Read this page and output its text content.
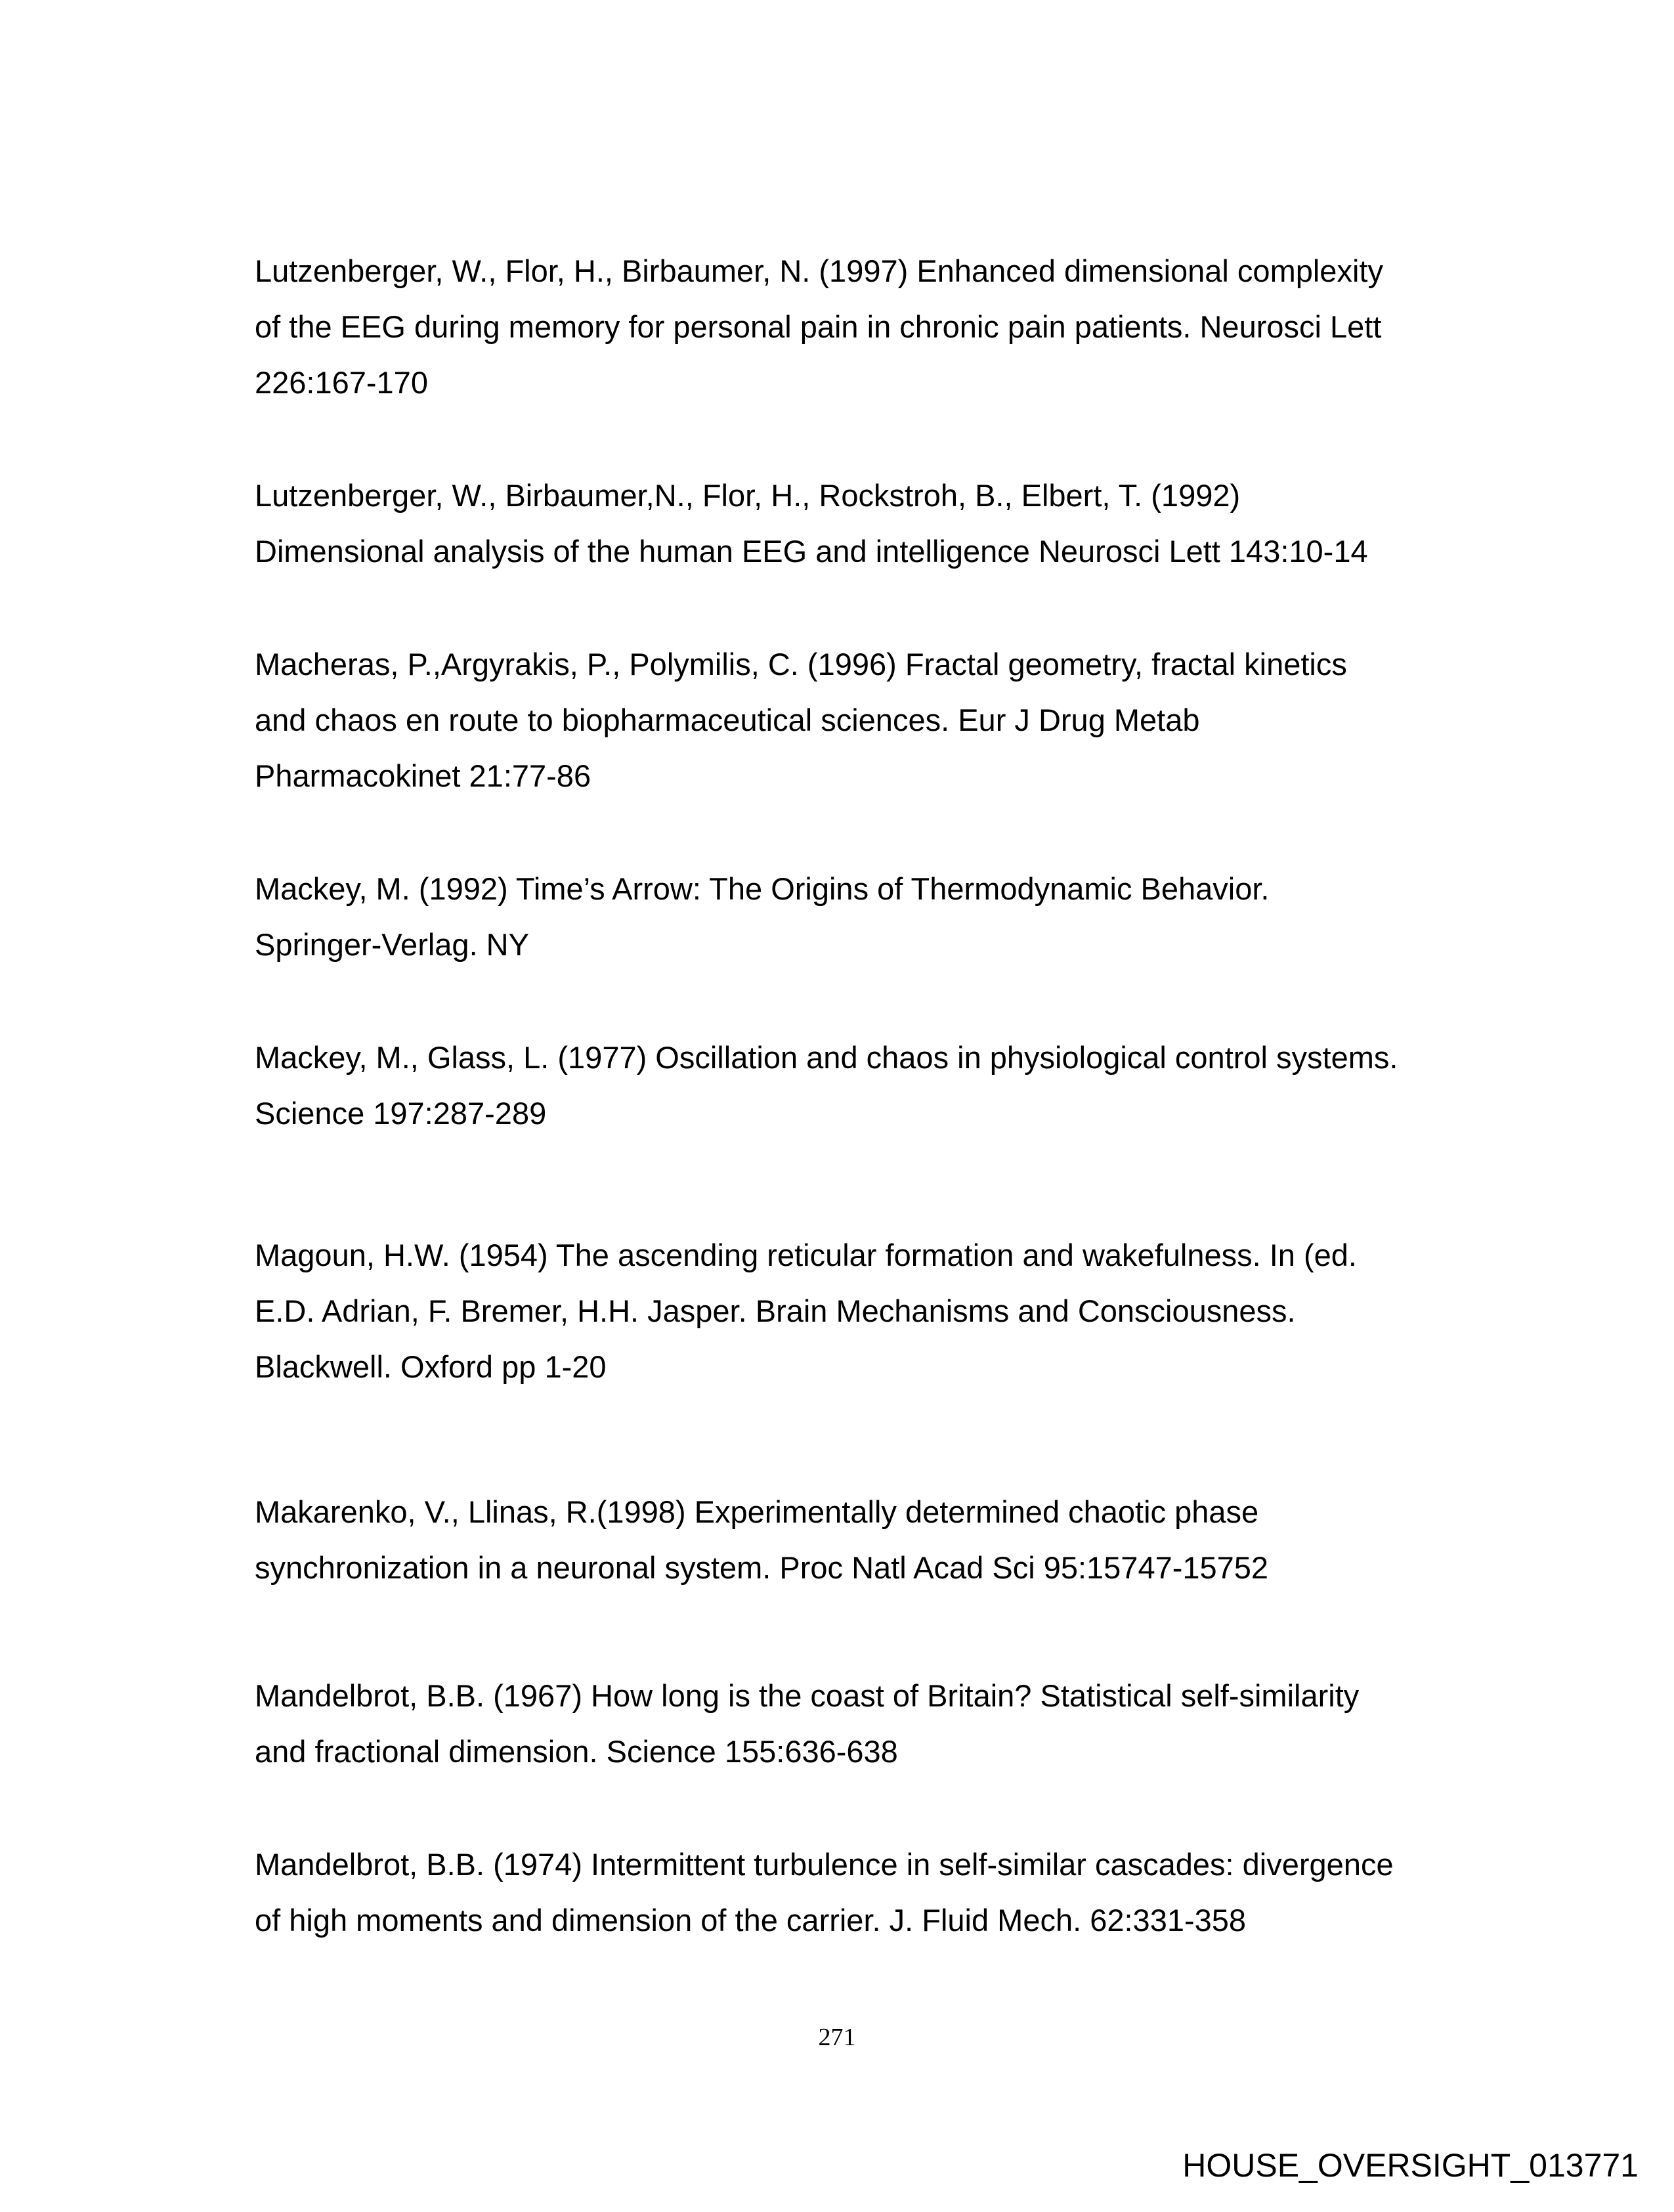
Lutzenberger, W., Flor, H., Birbaumer, N. (1997) Enhanced dimensional complexity
of the EEG during memory for personal pain in chronic pain patients. Neurosci Lett
226:167-170

Lutzenberger, W., Birbaumer,N., Flor, H., Rockstroh, B., Elbert, T. (1992)
Dimensional analysis of the human EEG and intelligence Neurosci Lett 143:10-14

Macheras, P.,Argyrakis, P., Polymilis, C. (1996) Fractal geometry, fractal kinetics
and chaos en route to biopharmaceutical sciences. Eur J Drug Metab
Pharmacokinet 21:77-86

Mackey, M. (1992) Time’s Arrow: The Origins of Thermodynamic Behavior.
Springer-Verlag. NY

Mackey, M., Glass, L. (1977) Oscillation and chaos in physiological control systems.
Science 197:287-289

Magoun, H.W. (1954) The ascending reticular formation and wakefulness. In (ed.
E.D. Adrian, F. Bremer, H.H. Jasper. Brain Mechanisms and Consciousness.
Blackwell. Oxford pp 1-20

Makarenko, V., Llinas, R.(1998) Experimentally determined chaotic phase
synchronization in a neuronal system. Proc Natl Acad Sci 95:15747-15752

Mandelbrot, B.B. (1967) How long is the coast of Britain? Statistical self-similarity
and fractional dimension. Science 155:636-638

Mandelbrot, B.B. (1974) Intermittent turbulence in self-similar cascades: divergence
of high moments and dimension of the carrier. J. Fluid Mech. 62:331-358

271
HOUSE_OVERSIGHT_013771
